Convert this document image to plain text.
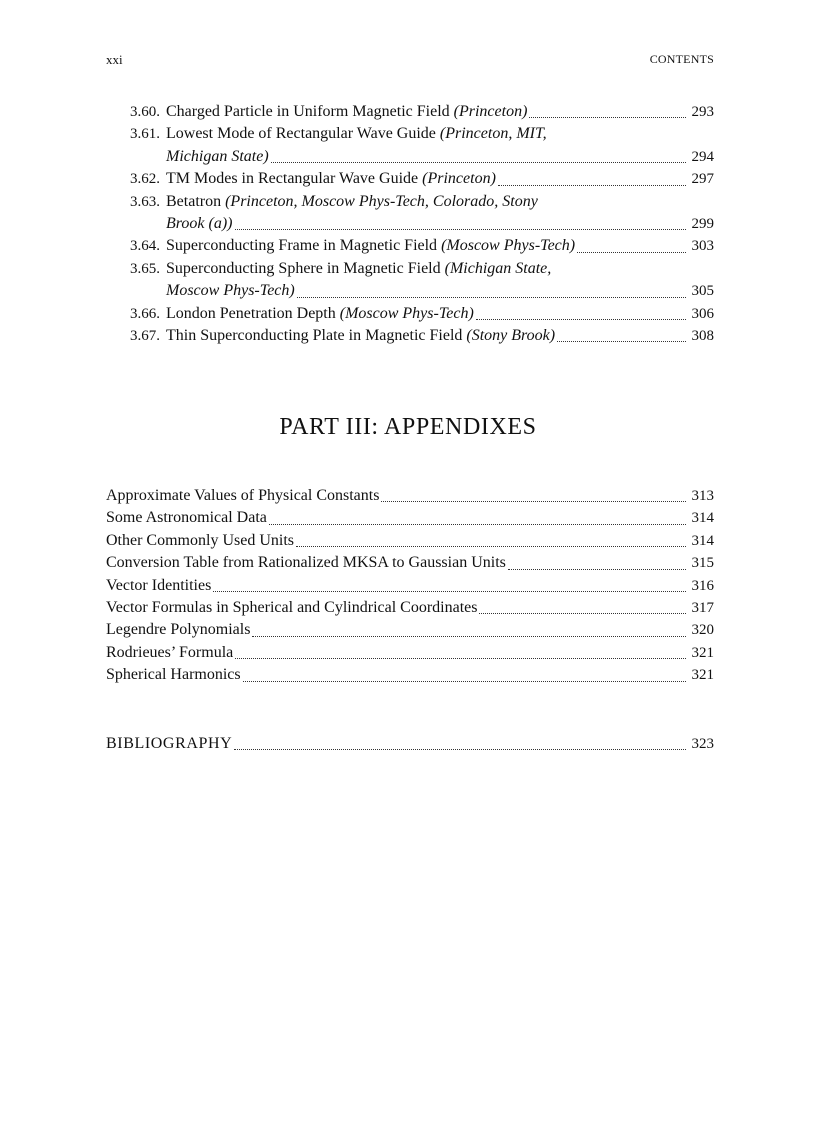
xxi	CONTENTS
3.60. Charged Particle in Uniform Magnetic Field (Princeton)	293
3.61. Lowest Mode of Rectangular Wave Guide (Princeton, MIT,
Michigan State)	294
3.62. TM Modes in Rectangular Wave Guide (Princeton)	297
3.63. Betatron (Princeton, Moscow Phys-Tech, Colorado, Stony
Brook (a))	299
3.64. Superconducting Frame in Magnetic Field (Moscow Phys-Tech)	303
3.65. Superconducting Sphere in Magnetic Field (Michigan State,
Moscow Phys-Tech)	305
3.66. London Penetration Depth (Moscow Phys-Tech)	306
3.67. Thin Superconducting Plate in Magnetic Field (Stony Brook)	308
PART III: APPENDIXES
Approximate Values of Physical Constants	313
Some Astronomical Data	314
Other Commonly Used Units	314
Conversion Table from Rationalized MKSA to Gaussian Units	315
Vector Identities	316
Vector Formulas in Spherical and Cylindrical Coordinates	317
Legendre Polynomials	320
Rodrieues’ Formula	321
Spherical Harmonics	321
BIBLIOGRAPHY	323
